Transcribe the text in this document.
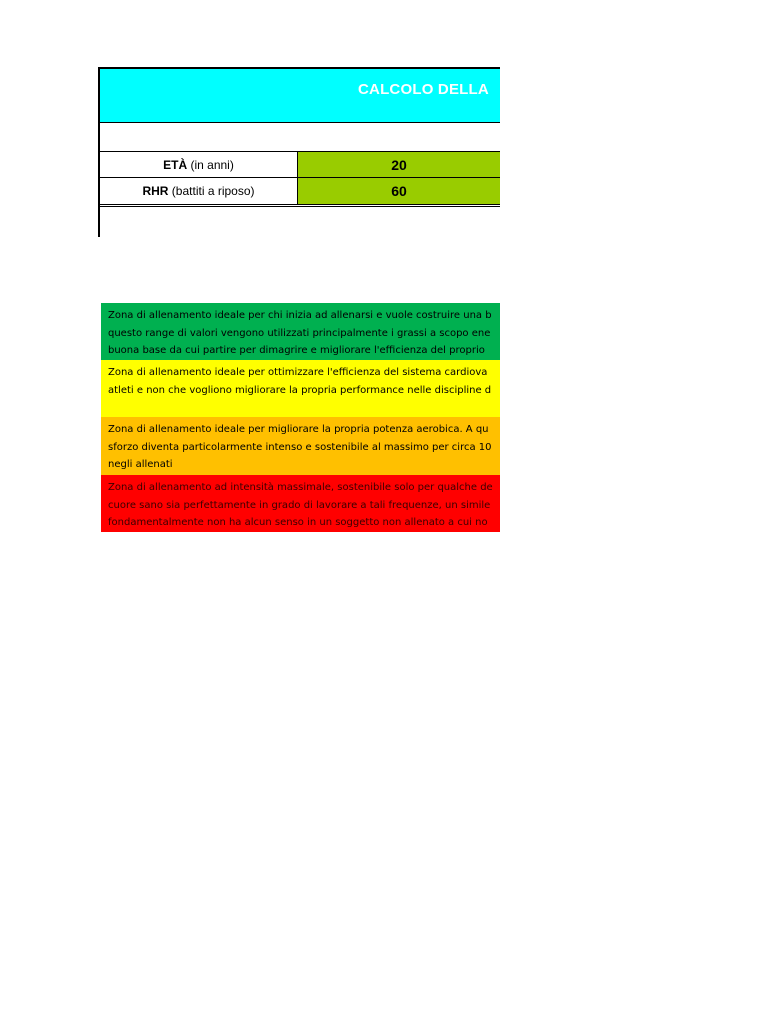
CALCOLO DELLA
ETÀ (in anni)	20
RHR (battiti a riposo)	60
Zona di allenamento ideale per chi inizia ad allenarsi e vuole costruire una b
questo range di valori vengono utilizzati principalmente i grassi a scopo ene
buona base da cui partire per dimagrire e migliorare l'efficienza del proprio
Zona di allenamento ideale per ottimizzare l'efficienza del sistema cardiova
atleti e non che vogliono migliorare la propria performance nelle discipline d
Zona di allenamento ideale per migliorare la propria potenza aerobica. A qu
sforzo diventa particolarmente intenso e sostenibile al massimo per circa 10
negli allenati
Zona di allenamento ad intensità massimale, sostenibile solo per qualche de
cuore sano sia perfettamente in grado di lavorare a tali frequenze, un simile
fondamentalmente non ha alcun senso in un soggetto non allenato a cui no
